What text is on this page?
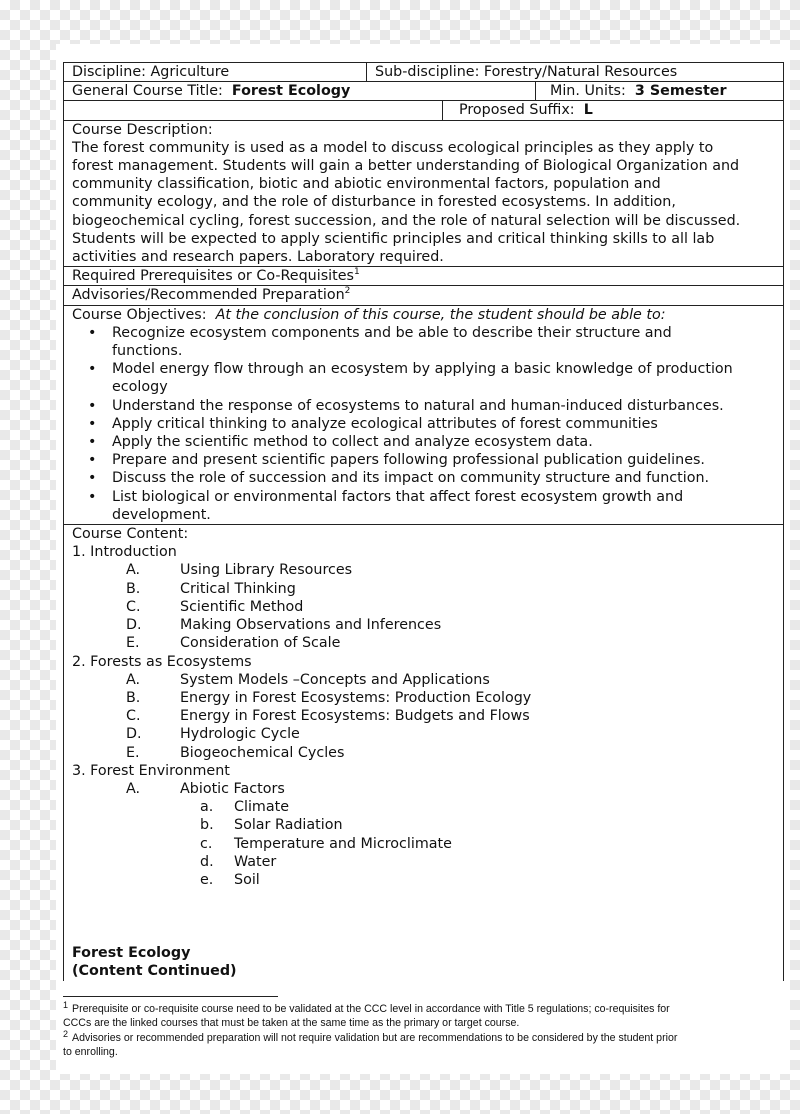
Discipline: Agriculture	Sub-discipline: Forestry/Natural Resources
General Course Title: Forest Ecology	Min. Units: 3 Semester
Proposed Suffix: L
Course Description:
The forest community is used as a model to discuss ecological principles as they apply to
forest management. Students will gain a better understanding of Biological Organization and
community classification, biotic and abiotic environmental factors, population and
community ecology, and the role of disturbance in forested ecosystems. In addition,
biogeochemical cycling, forest succession, and the role of natural selection will be discussed.
Students will be expected to apply scientific principles and critical thinking skills to all lab
activities and research papers. Laboratory required.
Required Prerequisites or Co-Requisites$^1$
Advisories/Recommended Preparation$^2$
Course Objectives: At the conclusion of this course, the student should be able to:
• Recognize ecosystem components and be able to describe their structure and
functions.
• Model energy flow through an ecosystem by applying a basic knowledge of production
ecology
• Understand the response of ecosystems to natural and human-induced disturbances.
• Apply critical thinking to analyze ecological attributes of forest communities
• Apply the scientific method to collect and analyze ecosystem data.
• Prepare and present scientific papers following professional publication guidelines.
• Discuss the role of succession and its impact on community structure and function.
• List biological or environmental factors that affect forest ecosystem growth and
development.
Course Content:
1. Introduction
A.	Using Library Resources
B.	Critical Thinking
C.	Scientific Method
D.	Making Observations and Inferences
E.	Consideration of Scale
2. Forests as Ecosystems
A.	System Models –Concepts and Applications
B.	Energy in Forest Ecosystems: Production Ecology
C.	Energy in Forest Ecosystems: Budgets and Flows
D.	Hydrologic Cycle
E.	Biogeochemical Cycles
3. Forest Environment
A.	Abiotic Factors
a.	Climate
b.	Solar Radiation
c.	Temperature and Microclimate
d.	Water
e.	Soil
Forest Ecology
(Content Continued)
$^1$ Prerequisite or co-requisite course need to be validated at the CCC level in accordance with Title 5 regulations; co-requisites for
CCCs are the linked courses that must be taken at the same time as the primary or target course.
$^2$ Advisories or recommended preparation will not require validation but are recommendations to be considered by the student prior
to enrolling.
